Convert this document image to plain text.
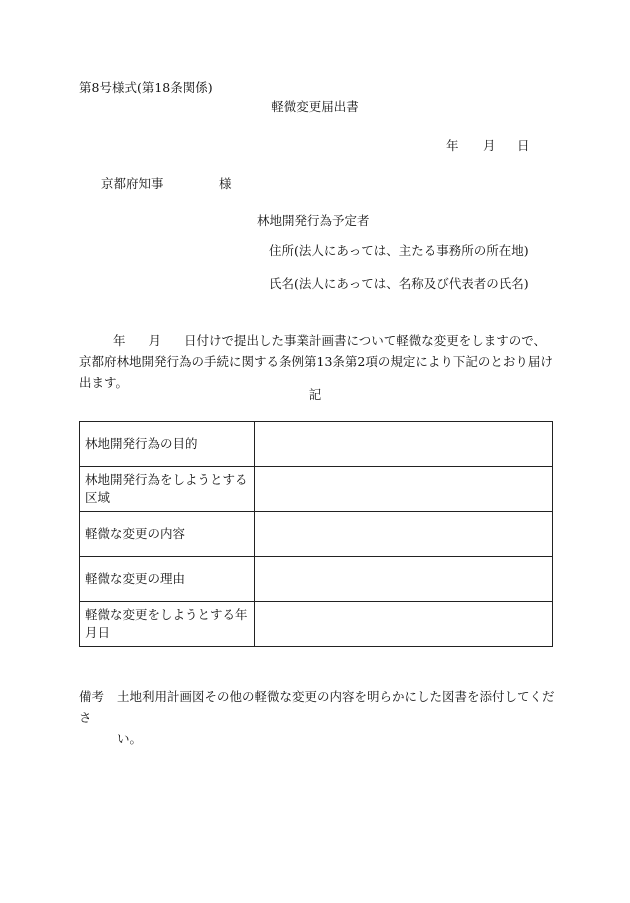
第8号様式(第18条関係)
軽微変更届出書
年 月 日
京都府知事	様
林地開発行為予定者
住所(法人にあっては、主たる事務所の所在地)
氏名(法人にあっては、名称及び代表者の氏名)
年 月 日付けで提出した事業計画書について軽微な変更をしますので、京都府林地開発行為の手続に関する条例第13条第2項の規定により下記のとおり届け出ます。
記
林地開発行為の目的	
林地開発行為をしようとする区域	
軽微な変更の内容	
軽微な変更の理由	
軽微な変更をしようとする年月日	
備考 土地利用計画図その他の軽微な変更の内容を明らかにした図書を添付してくださ
い。
